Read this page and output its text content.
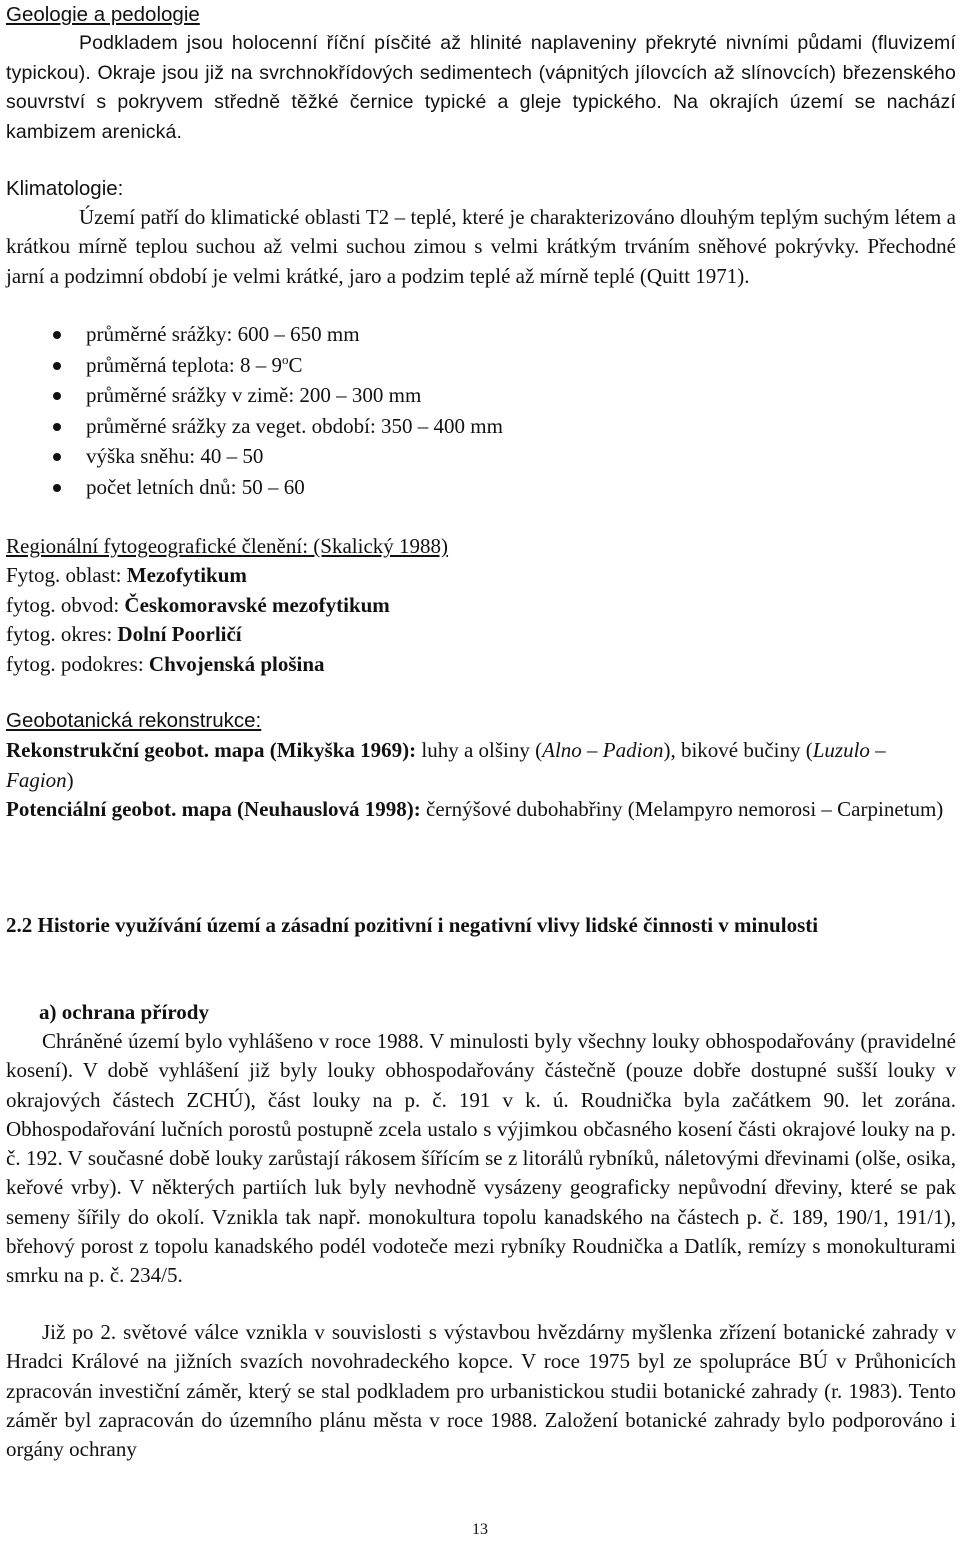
Geologie a pedologie

Podkladem jsou holocenní říční písčité až hlinité naplaveniny překryté nivními půdami (fluvizemí typickou). Okraje jsou již na svrchnokřídových sedimentech (vápnitých jílovcích až slínovcích) březenského souvrství s pokryvem středně těžké černice typické a gleje typického. Na okrajích území se nachází kambizem arenická.

Klimatologie:

Území patří do klimatické oblasti T2 – teplé, které je charakterizováno dlouhým teplým suchým létem a krátkou mírně teplou suchou až velmi suchou zimou s velmi krátkým trváním sněhové pokrývky. Přechodné jarní a podzimní období je velmi krátké, jaro a podzim teplé až mírně teplé (Quitt 1971).

průměrné srážky: 600 – 650 mm
průměrná teplota: 8 – 9$^o$C
průměrné srážky v zimě: 200 – 300 mm
průměrné srážky za veget. období: 350 – 400 mm
výška sněhu: 40 – 50
počet letních dnů: 50 – 60

Regionální fytogeografické členění: (Skalický 1988)

Fytog. oblast: Mezofytikum

fytog. obvod: Českomoravské mezofytikum

fytog. okres: Dolní Poorličí

fytog. podokres: Chvojenská plošina

Geobotanická rekonstrukce:

Rekonstrukční geobot. mapa (Mikyška 1969): luhy a olšiny (Alno – Padion), bikové bučiny (Luzulo – Fagion)

Potenciální geobot. mapa (Neuhauslová 1998): černýšové dubohabřiny (Melampyro nemorosi – Carpinetum)

2.2 Historie využívání území a zásadní pozitivní i negativní vlivy lidské činnosti v minulosti

a) ochrana přírody

Chráněné území bylo vyhlášeno v roce 1988. V minulosti byly všechny louky obhospodařovány (pravidelné kosení). V době vyhlášení již byly louky obhospodařovány částečně (pouze dobře dostupné sušší louky v okrajových částech ZCHÚ), část louky na p. č. 191 v k. ú. Roudnička byla začátkem 90. let zorána. Obhospodařování lučních porostů postupně zcela ustalo s výjimkou občasného kosení části okrajové louky na p. č. 192. V současné době louky zarůstají rákosem šířícím se z litorálů rybníků, náletovými dřevinami (olše, osika, keřové vrby). V některých partiích luk byly nevhodně vysázeny geograficky nepůvodní dřeviny, které se pak semeny šířily do okolí. Vznikla tak např. monokultura topolu kanadského na částech p. č. 189, 190/1, 191/1), břehový porost z topolu kanadského podél vodoteče mezi rybníky Roudnička a Datlík, remízy s monokulturami smrku na p. č. 234/5.

Již po 2. světové válce vznikla v souvislosti s výstavbou hvězdárny myšlenka zřízení botanické zahrady v Hradci Králové na jižních svazích novohradeckého kopce. V roce 1975 byl ze spolupráce BÚ v Průhonicích zpracován investiční záměr, který se stal podkladem pro urbanistickou studii botanické zahrady (r. 1983). Tento záměr byl zapracován do územního plánu města v roce 1988. Založení botanické zahrady bylo podporováno i orgány ochrany

13
